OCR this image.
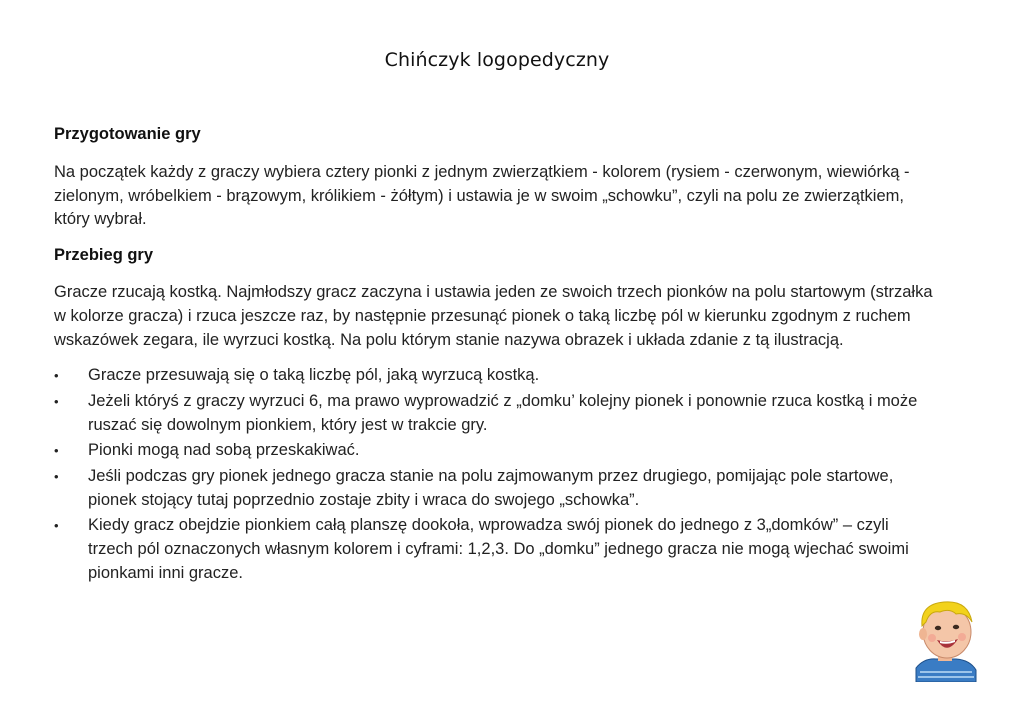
Chińczyk logopedyczny
Przygotowanie gry

Na początek każdy z graczy wybiera cztery pionki z jednym zwierzątkiem - kolorem (rysiem - czerwonym, wiewiórką - zielonym, wróbelkiem - brązowym, królikiem - żółtym) i ustawia je w swoim „schowku”, czyli na polu ze zwierzątkiem, który wybrał.

Przebieg gry

Gracze rzucają kostką. Najmłodszy gracz zaczyna i ustawia jeden ze swoich trzech pionków na polu startowym (strzałka w kolorze gracza) i rzuca jeszcze raz, by następnie przesunąć pionek o taką liczbę pól w kierunku zgodnym z ruchem wskazówek zegara, ile wyrzuci kostką. Na polu którym stanie nazywa obrazek i układa zdanie z tą ilustracją.

•	Gracze przesuwają się o taką liczbę pól, jaką wyrzucą kostką.
•	Jeżeli któryś z graczy wyrzuci 6, ma prawo wyprowadzić z „domku’ kolejny pionek i ponownie rzuca kostką i może ruszać się dowolnym pionkiem, który jest w trakcie gry.
•	Pionki mogą nad sobą przeskakiwać.
•	Jeśli podczas gry pionek jednego gracza stanie na polu zajmowanym przez drugiego, pomijając pole startowe, pionek stojący tutaj poprzednio zostaje zbity i wraca do swojego „schowka”.
•	Kiedy gracz obejdzie pionkiem całą planszę dookoła, wprowadza swój pionek do jednego z 3„domków” – czyli trzech pól oznaczonych własnym kolorem i cyframi: 1,2,3. Do „domku” jednego gracza nie mogą wjechać swoimi pionkami inni gracze.
